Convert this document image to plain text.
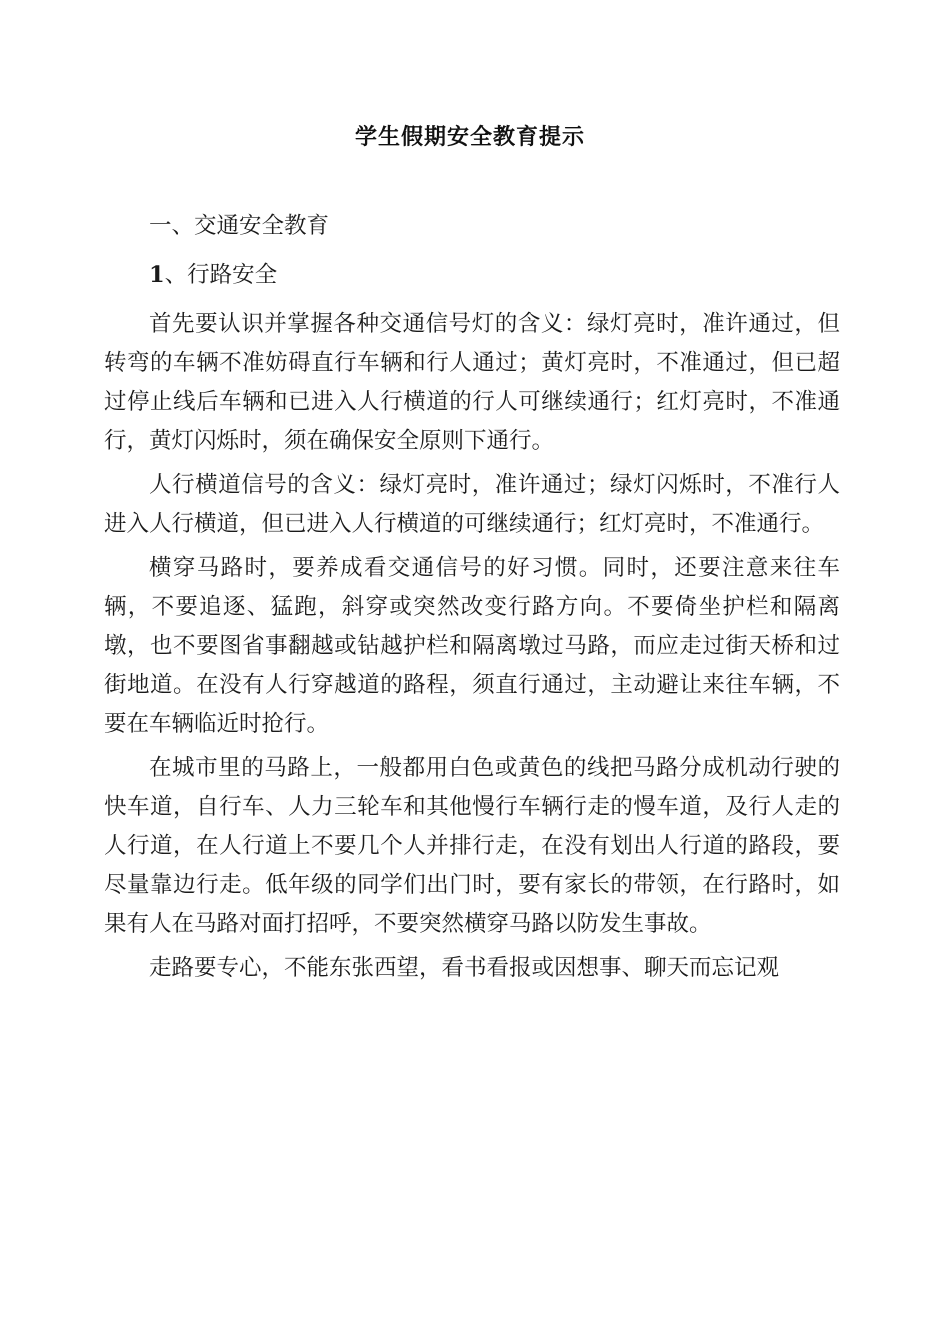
学生假期安全教育提示

一、交通安全教育

1、行路安全

首先要认识并掌握各种交通信号灯的含义：绿灯亮时，准许通过，但转弯的车辆不准妨碍直行车辆和行人通过；黄灯亮时，不准通过，但已超过停止线后车辆和已进入人行横道的行人可继续通行；红灯亮时，不准通行，黄灯闪烁时，须在确保安全原则下通行。

人行横道信号的含义：绿灯亮时，准许通过；绿灯闪烁时，不准行人进入人行横道，但已进入人行横道的可继续通行；红灯亮时，不准通行。

横穿马路时，要养成看交通信号的好习惯。同时，还要注意来往车辆，不要追逐、猛跑，斜穿或突然改变行路方向。不要倚坐护栏和隔离墩，也不要图省事翻越或钻越护栏和隔离墩过马路，而应走过街天桥和过街地道。在没有人行穿越道的路程，须直行通过，主动避让来往车辆，不要在车辆临近时抢行。

在城市里的马路上，一般都用白色或黄色的线把马路分成机动行驶的快车道，自行车、人力三轮车和其他慢行车辆行走的慢车道，及行人走的人行道，在人行道上不要几个人并排行走，在没有划出人行道的路段，要尽量靠边行走。低年级的同学们出门时，要有家长的带领，在行路时，如果有人在马路对面打招呼，不要突然横穿马路以防发生事故。

走路要专心，不能东张西望，看书看报或因想事、聊天而忘记观
